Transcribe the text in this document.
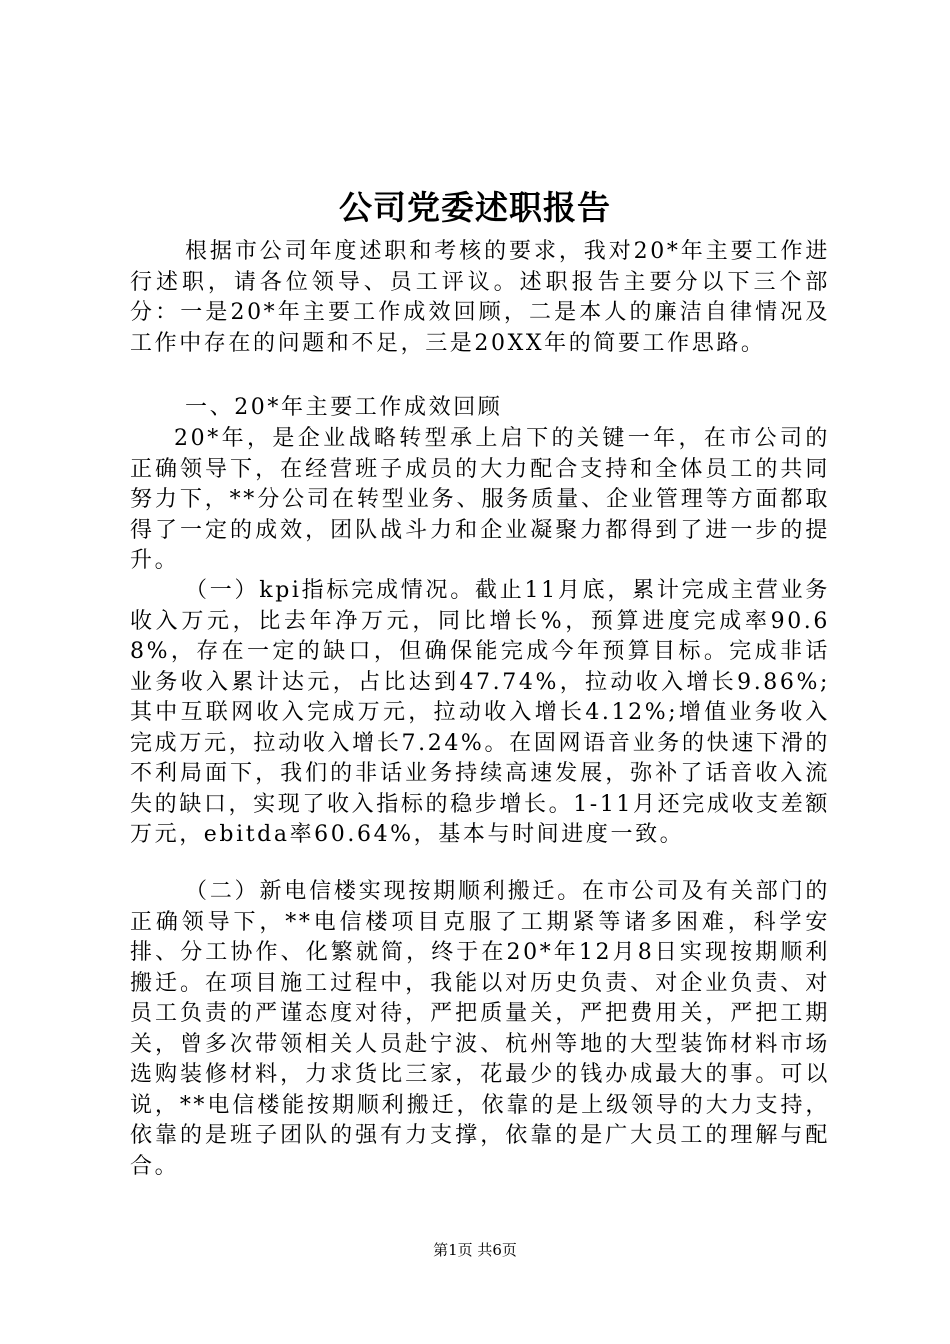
公司党委述职报告
根据市公司年度述职和考核的要求，我对20*年主要工作进行述职，请各位领导、员工评议。述职报告主要分以下三个部分：一是20*年主要工作成效回顾，二是本人的廉洁自律情况及工作中存在的问题和不足，三是20XX年的简要工作思路。
一、20*年主要工作成效回顾
20*年，是企业战略转型承上启下的关键一年，在市公司的正确领导下，在经营班子成员的大力配合支持和全体员工的共同努力下，**分公司在转型业务、服务质量、企业管理等方面都取得了一定的成效，团队战斗力和企业凝聚力都得到了进一步的提升。
（一）kpi指标完成情况。截止11月底，累计完成主营业务收入万元，比去年净万元，同比增长%，预算进度完成率90.68%，存在一定的缺口，但确保能完成今年预算目标。完成非话业务收入累计达元，占比达到47.74%，拉动收入增长9.86%;其中互联网收入完成万元，拉动收入增长4.12%;增值业务收入完成万元，拉动收入增长7.24%。在固网语音业务的快速下滑的不利局面下，我们的非话业务持续高速发展，弥补了话音收入流失的缺口，实现了收入指标的稳步增长。1-11月还完成收支差额万元，ebitda率60.64%，基本与时间进度一致。
（二）新电信楼实现按期顺利搬迁。在市公司及有关部门的正确领导下，**电信楼项目克服了工期紧等诸多困难，科学安排、分工协作、化繁就简，终于在20*年12月8日实现按期顺利搬迁。在项目施工过程中，我能以对历史负责、对企业负责、对员工负责的严谨态度对待，严把质量关，严把费用关，严把工期关，曾多次带领相关人员赴宁波、杭州等地的大型装饰材料市场选购装修材料，力求货比三家，花最少的钱办成最大的事。可以说，**电信楼能按期顺利搬迁，依靠的是上级领导的大力支持，依靠的是班子团队的强有力支撑，依靠的是广大员工的理解与配合。
第1页 共6页
